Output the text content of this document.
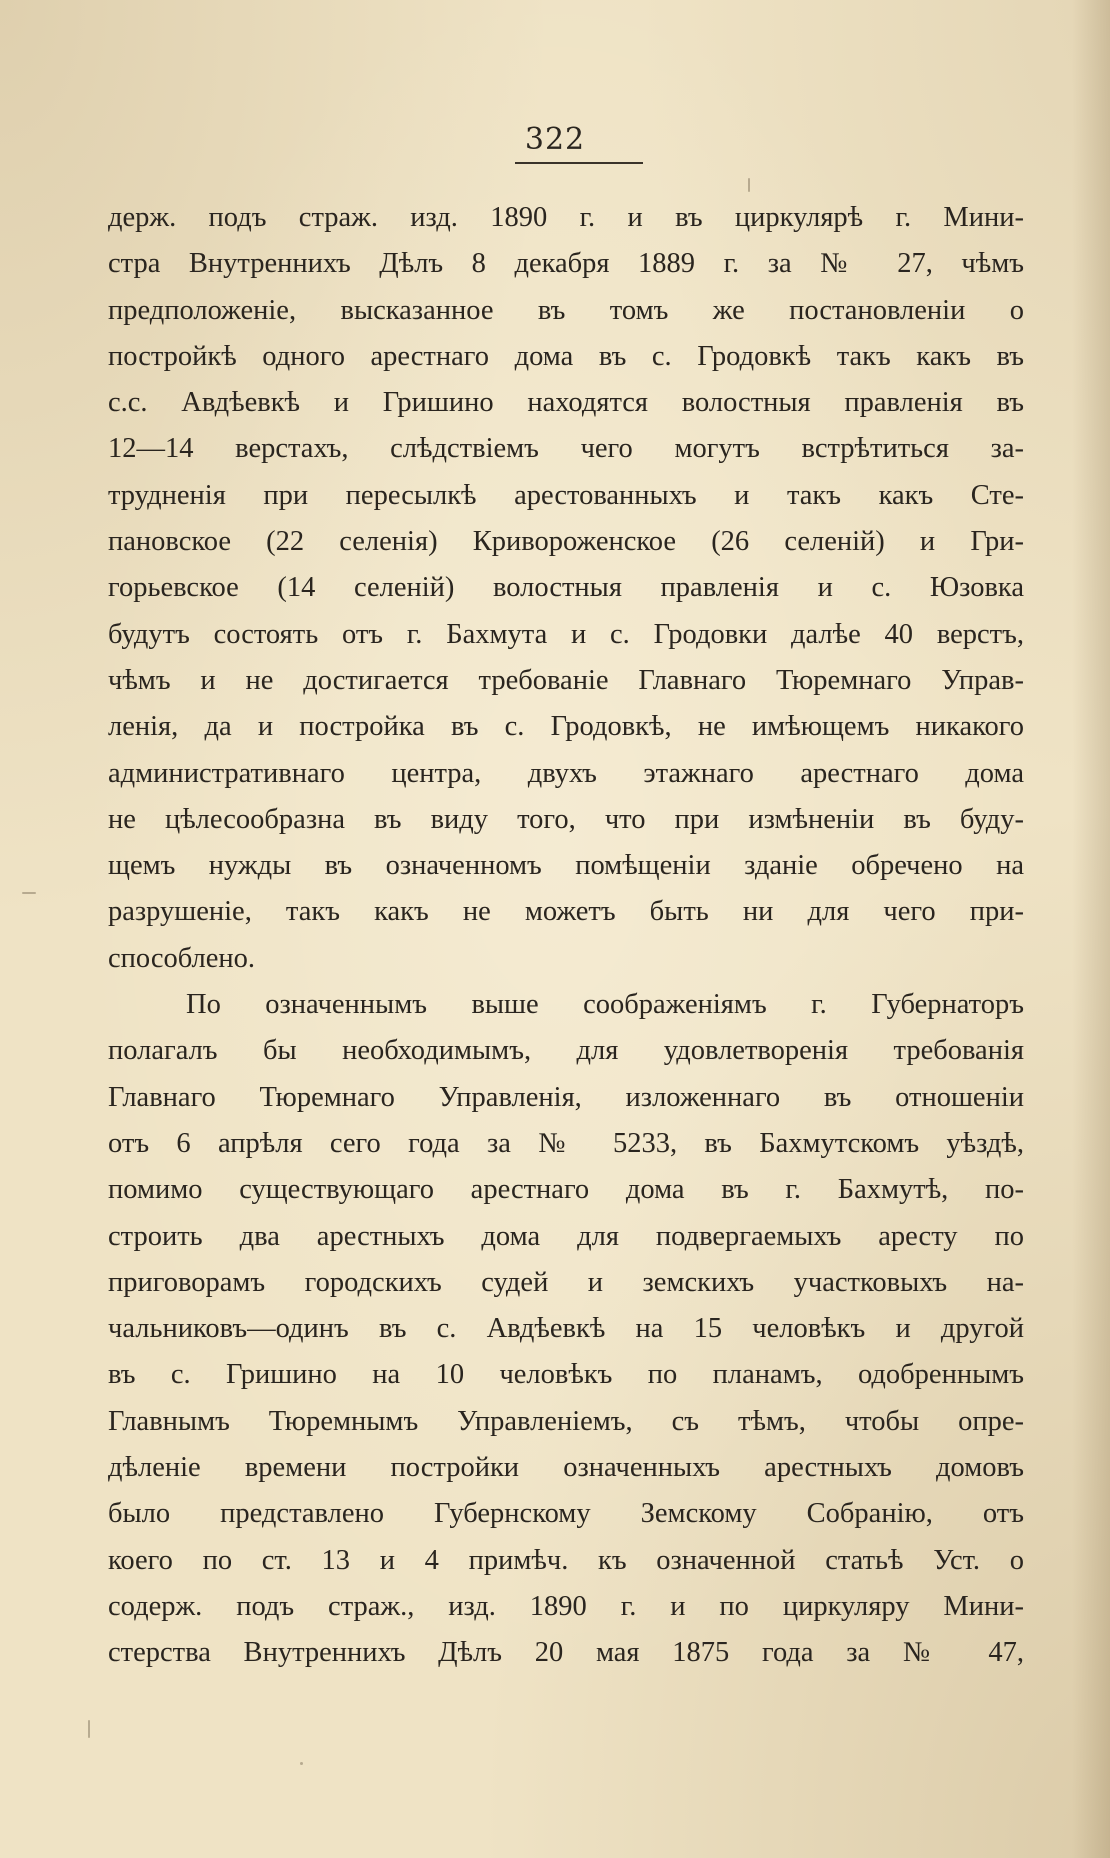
322
держ. подъ страж. изд. 1890 г. и въ циркулярѣ г. Мини-
стра Внутреннихъ Дѣлъ 8 декабря 1889 г. за № 27, чѣмъ
предположеніе, высказанное въ томъ же постановленіи о
постройкѣ одного арестнаго дома въ с. Гродовкѣ такъ какъ въ
с.с. Авдѣевкѣ и Гришино находятся волостныя правленія въ
12—14 верстахъ, слѣдствіемъ чего могутъ встрѣтиться за-
трудненія при пересылкѣ арестованныхъ и такъ какъ Сте-
пановское (22 селенія) Кривороженское (26 селеній) и Гри-
горьевское (14 селеній) волостныя правленія и с. Юзовка
будутъ состоять отъ г. Бахмута и с. Гродовки далѣе 40 верстъ,
чѣмъ и не достигается требованіе Главнаго Тюремнаго Управ-
ленія, да и постройка въ с. Гродовкѣ, не имѣющемъ никакого
административнаго центра, двухъ этажнаго арестнаго дома
не цѣлесообразна въ виду того, что при измѣненіи въ буду-
щемъ нужды въ означенномъ помѣщеніи зданіе обречено на
разрушеніе, такъ какъ не можетъ быть ни для чего при-
способлено.
По означеннымъ выше соображеніямъ г. Губернаторъ
полагалъ бы необходимымъ, для удовлетворенія требованія
Главнаго Тюремнаго Управленія, изложеннаго въ отношеніи
отъ 6 апрѣля сего года за № 5233, въ Бахмутскомъ уѣздѣ,
помимо существующаго арестнаго дома въ г. Бахмутѣ, по-
строить два арестныхъ дома для подвергаемыхъ аресту по
приговорамъ городскихъ судей и земскихъ участковыхъ на-
чальниковъ—одинъ въ с. Авдѣевкѣ на 15 человѣкъ и другой
въ с. Гришино на 10 человѣкъ по планамъ, одобреннымъ
Главнымъ Тюремнымъ Управленіемъ, съ тѣмъ, чтобы опре-
дѣленіе времени постройки означенныхъ арестныхъ домовъ
было представлено Губернскому Земскому Собранію, отъ
коего по ст. 13 и 4 примѣч. къ означенной статьѣ Уст. о
содерж. подъ страж., изд. 1890 г. и по циркуляру Мини-
стерства Внутреннихъ Дѣлъ 20 мая 1875 года за № 47,
